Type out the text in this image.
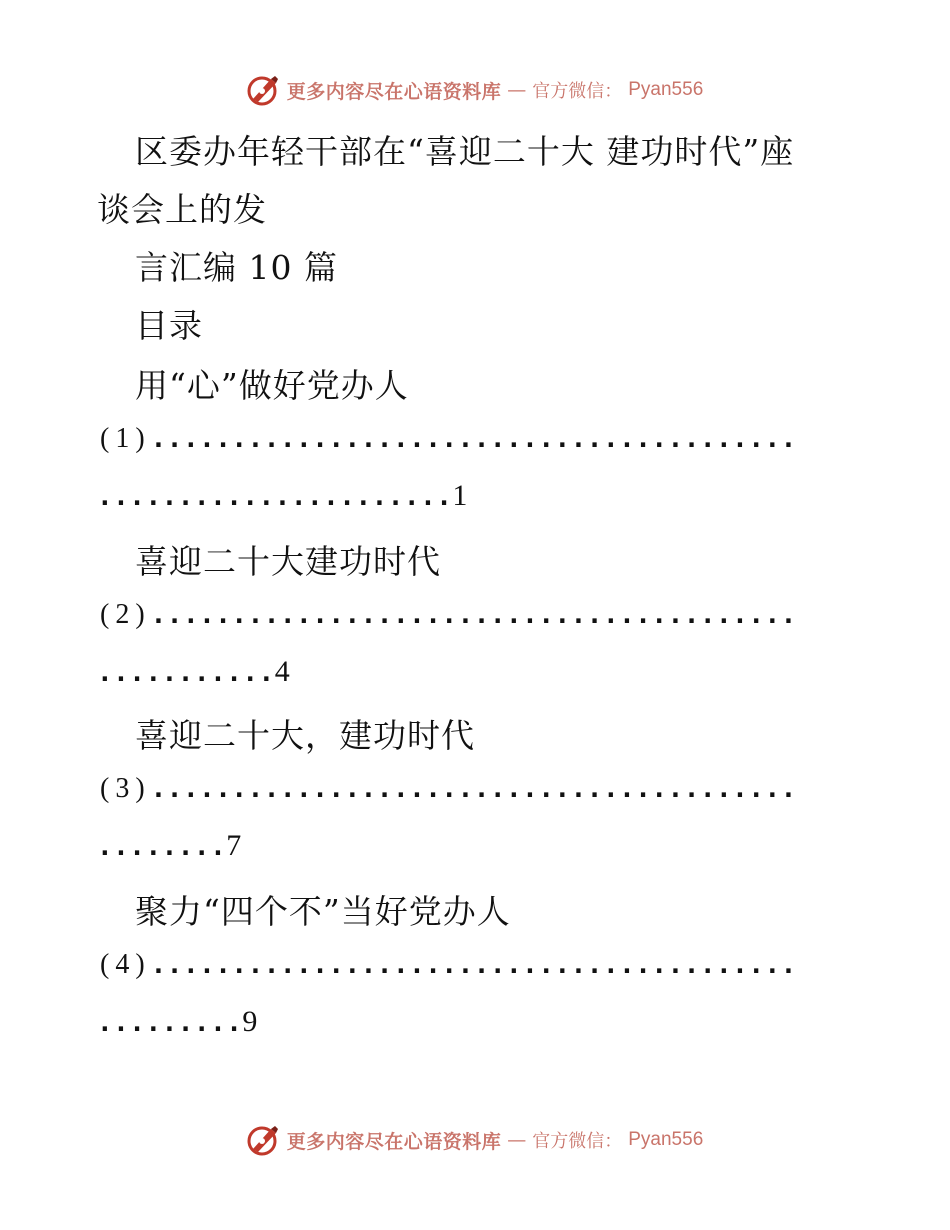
更多内容尽在心语资料库 — 官方微信： Pyan556
区委办年轻干部在“喜迎二十大 建功时代”座
谈会上的发
言汇编 10 篇
目录
用“心”做好党办人
(1)........................................
......................1
喜迎二十大建功时代
(2)........................................
...........4
喜迎二十大，建功时代
(3)........................................
........7
聚力“四个不”当好党办人
(4)........................................
.........9
更多内容尽在心语资料库 — 官方微信： Pyan556
